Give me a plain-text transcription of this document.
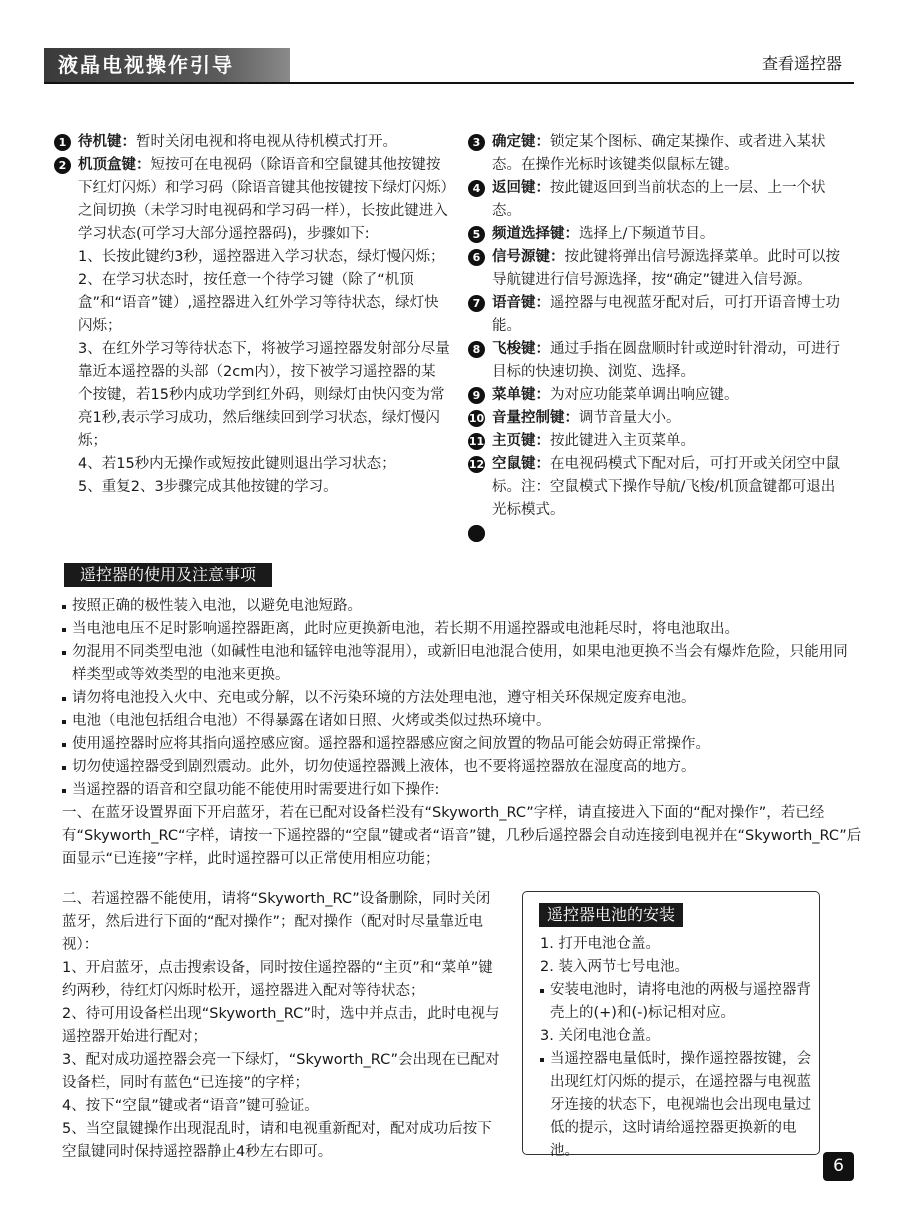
液晶电视操作引导	查看遥控器
1 待机键：暂时关闭电视和将电视从待机模式打开。
2 机顶盒键：短按可在电视码（除语音和空鼠键其他按键按下红灯闪烁）和学习码（除语音键其他按键按下绿灯闪烁）之间切换（未学习时电视码和学习码一样），长按此键进入学习状态(可学习大部分遥控器码)，步骤如下:
1、长按此键约3秒，遥控器进入学习状态，绿灯慢闪烁；
2、在学习状态时，按任意一个待学习键（除了“机顶盒”和“语音”键）,遥控器进入红外学习等待状态，绿灯快闪烁；
3、在红外学习等待状态下，将被学习遥控器发射部分尽量靠近本遥控器的头部（2cm内），按下被学习遥控器的某个按键，若15秒内成功学到红外码，则绿灯由快闪变为常亮1秒,表示学习成功，然后继续回到学习状态，绿灯慢闪烁；
4、若15秒内无操作或短按此键则退出学习状态；
5、重复2、3步骤完成其他按键的学习。
3 确定键：锁定某个图标、确定某操作、或者进入某状态。在操作光标时该键类似鼠标左键。
4 返回键：按此键返回到当前状态的上一层、上一个状态。
5 频道选择键：选择上/下频道节目。
6 信号源键：按此键将弹出信号源选择菜单。此时可以按导航键进行信号源选择，按“确定”键进入信号源。
7 语音键：遥控器与电视蓝牙配对后，可打开语音博士功能。
8 飞梭键：通过手指在圆盘顺时针或逆时针滑动，可进行目标的快速切换、浏览、选择。
9 菜单键：为对应功能菜单调出响应键。
10 音量控制键：调节音量大小。
11 主页键：按此键进入主页菜单。
12 空鼠键：在电视码模式下配对后，可打开或关闭空中鼠标。注：空鼠模式下操作导航/飞梭/机顶盒键都可退出光标模式。
遥控器的使用及注意事项
按照正确的极性装入电池，以避免电池短路。
当电池电压不足时影响遥控器距离，此时应更换新电池，若长期不用遥控器或电池耗尽时，将电池取出。
勿混用不同类型电池（如碱性电池和锰锌电池等混用），或新旧电池混合使用，如果电池更换不当会有爆炸危险，只能用同样类型或等效类型的电池来更换。
请勿将电池投入火中、充电或分解，以不污染环境的方法处理电池，遵守相关环保规定废弃电池。
电池（电池包括组合电池）不得暴露在诸如日照、火烤或类似过热环境中。
使用遥控器时应将其指向遥控感应窗。遥控器和遥控器感应窗之间放置的物品可能会妨碍正常操作。
切勿使遥控器受到剧烈震动。此外，切勿使遥控器溅上液体，也不要将遥控器放在湿度高的地方。
当遥控器的语音和空鼠功能不能使用时需要进行如下操作:

一、在蓝牙设置界面下开启蓝牙，若在已配对设备栏没有“Skyworth_RC”字样，请直接进入下面的“配对操作”，若已经有“Skyworth_RC“字样，请按一下遥控器的“空鼠”键或者“语音”键，几秒后遥控器会自动连接到电视并在“Skyworth_RC”后面显示“已连接”字样，此时遥控器可以正常使用相应功能；

二、若遥控器不能使用，请将“Skyworth_RC”设备删除，同时关闭蓝牙，然后进行下面的“配对操作”；配对操作（配对时尽量靠近电视）：

1、开启蓝牙，点击搜索设备，同时按住遥控器的“主页”和“菜单”键约两秒，待红灯闪烁时松开，遥控器进入配对等待状态；

2、待可用设备栏出现“Skyworth_RC”时，选中并点击，此时电视与遥控器开始进行配对；

3、配对成功遥控器会亮一下绿灯，“Skyworth_RC”会出现在已配对设备栏，同时有蓝色“已连接”的字样；

4、按下“空鼠”键或者“语音”键可验证。

5、当空鼠键操作出现混乱时，请和电视重新配对，配对成功后按下空鼠键同时保持遥控器静止4秒左右即可。

遥控器电池的安装

1. 打开电池仓盖。

2. 装入两节七号电池。

安装电池时，请将电池的两极与遥控器背壳上的(+)和(-)标记相对应。

3. 关闭电池仓盖。

当遥控器电量低时，操作遥控器按键，会出现红灯闪烁的提示，在遥控器与电视蓝牙连接的状态下，电视端也会出现电量过低的提示，这时请给遥控器更换新的电池。
6
